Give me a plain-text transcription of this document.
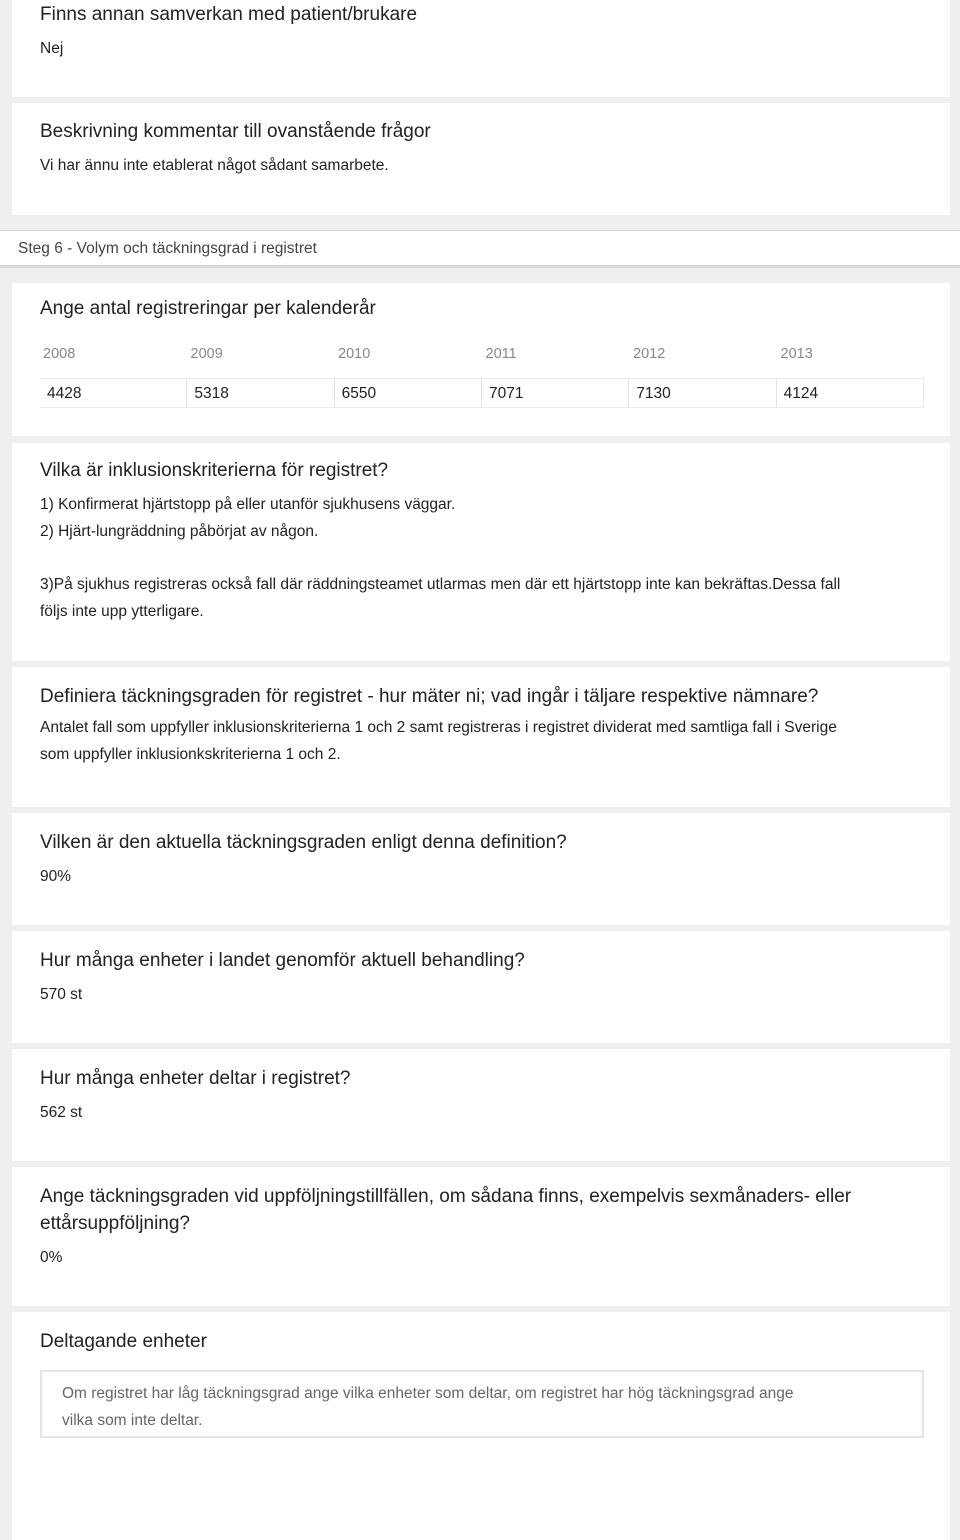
Finns annan samverkan med patient/brukare

Nej

Beskrivning kommentar till ovanstående frågor

Vi har ännu inte etablerat något sådant samarbete.

Steg 6 - Volym och täckningsgrad i registret

Ange antal registreringar per kalenderår

2008	2009	2010	2011	2012	2013
4428	5318	6550	7071	7130	4124

Vilka är inklusionskriterierna för registret?

1) Konfirmerat hjärtstopp på eller utanför sjukhusens väggar.

2) Hjärt-lungräddning påbörjat av någon.

3)På sjukhus registreras också fall där räddningsteamet utlarmas men där ett hjärtstopp inte kan bekräftas.Dessa fall

följs inte upp ytterligare.

Definiera täckningsgraden för registret - hur mäter ni; vad ingår i täljare respektive nämnare?

Antalet fall som uppfyller inklusionskriterierna 1 och 2 samt registreras i registret dividerat med samtliga fall i Sverige

som uppfyller inklusionkskriterierna 1 och 2.

Vilken är den aktuella täckningsgraden enligt denna definition?

90%

Hur många enheter i landet genomför aktuell behandling?

570 st

Hur många enheter deltar i registret?

562 st

Ange täckningsgraden vid uppföljningstillfällen, om sådana finns, exempelvis sexmånaders- eller

ettårsuppföljning?

0%

Deltagande enheter

Om registret har låg täckningsgrad ange vilka enheter som deltar, om registret har hög täckningsgrad ange
vilka som inte deltar.
